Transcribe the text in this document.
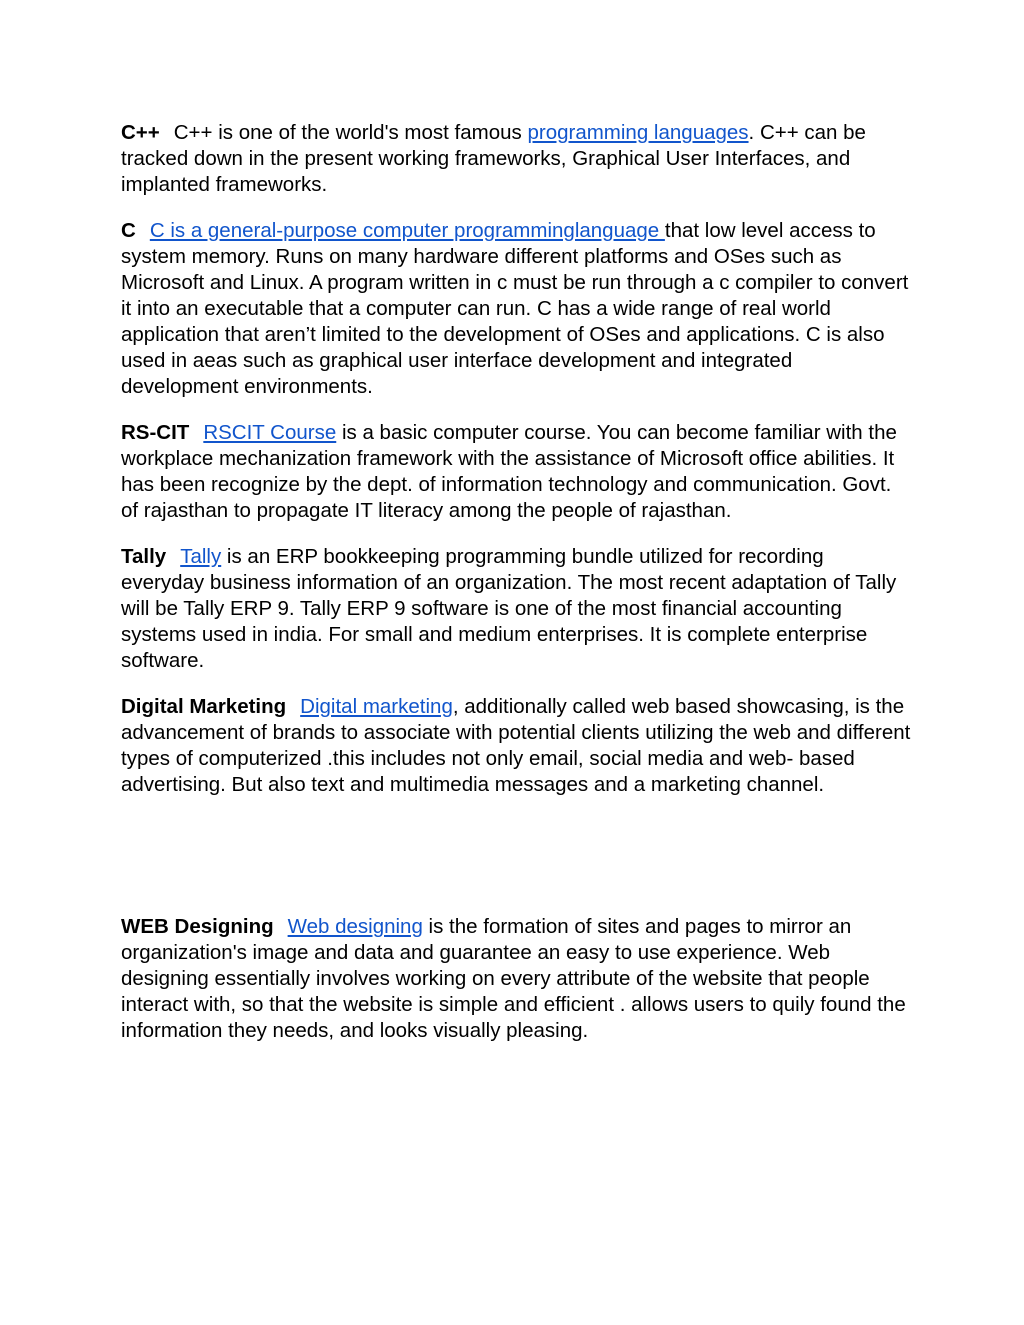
C++ C++ is one of the world's most famous programming languages. C++ can be tracked down in the present working frameworks, Graphical User Interfaces, and implanted frameworks.

C C is a general-purpose computer programminglanguage that low level access to system memory. Runs on many hardware different platforms and OSes such as Microsoft and Linux. A program written in c must be run through a c compiler to convert it into an executable that a computer can run. C has a wide range of real world application that aren’t limited to the development of OSes and applications. C is also used in aeas such as graphical user interface development and integrated development environments.

RS-CIT RSCIT Course is a basic computer course. You can become familiar with the workplace mechanization framework with the assistance of Microsoft office abilities. It has been recognize by the dept. of information technology and communication. Govt. of rajasthan to propagate IT literacy among the people of rajasthan.

Tally Tally is an ERP bookkeeping programming bundle utilized for recording everyday business information of an organization. The most recent adaptation of Tally will be Tally ERP 9. Tally ERP 9 software is one of the most financial accounting systems used in india. For small and medium enterprises. It is complete enterprise software.

Digital Marketing Digital marketing, additionally called web based showcasing, is the advancement of brands to associate with potential clients utilizing the web and different types of computerized .this includes not only email, social media and web- based advertising. But also text and multimedia messages and a marketing channel.

WEB Designing Web designing is the formation of sites and pages to mirror an organization's image and data and guarantee an easy to use experience. Web designing essentially involves working on every attribute of the website that people interact with, so that the website is simple and efficient . allows users to quily found the information they needs, and looks visually pleasing.
